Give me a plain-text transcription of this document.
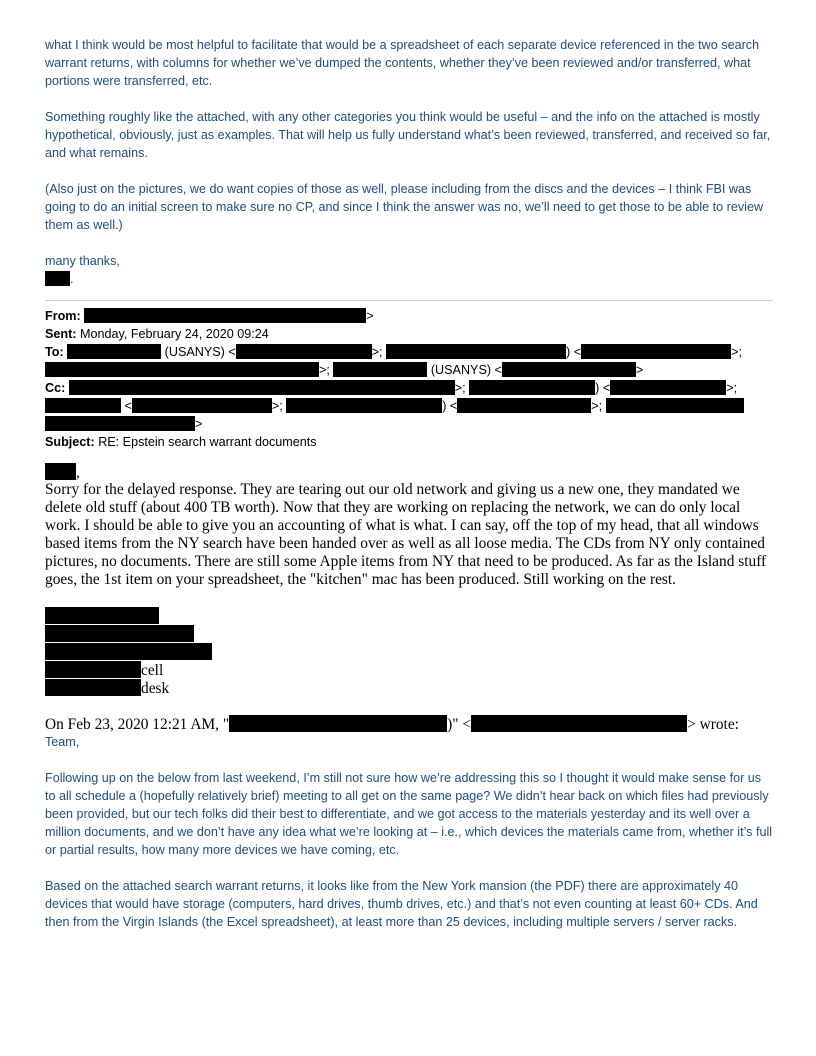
what I think would be most helpful to facilitate that would be a spreadsheet of each separate device referenced in the two search warrant returns, with columns for whether we’ve dumped the contents, whether they’ve been reviewed and/or transferred, what portions were transferred, etc.

Something roughly like the attached, with any other categories you think would be useful – and the info on the attached is mostly hypothetical, obviously, just as examples. That will help us fully understand what’s been reviewed, transferred, and received so far, and what remains.

(Also just on the pictures, we do want copies of those as well, please including from the discs and the devices – I think FBI was going to do an initial screen to make sure no CP, and since I think the answer was no, we’ll need to get those to be able to review them as well.)

many thanks,
.
From:	>
Sent: Monday, February 24, 2020 09:24
To:	(USANYS) <	>;	) <	>;
>;	(USANYS) <	>
Cc:	>;	) <	>;
<	>;	) <	>;
>
Subject: RE: Epstein search warrant documents
,
Sorry for the delayed response. They are tearing out our old network and giving us a new one, they mandated we delete old stuff (about 400 TB worth). Now that they are working on replacing the network, we can do only local work. I should be able to give you an accounting of what is what. I can say, off the top of my head, that all windows based items from the NY search have been handed over as well as all loose media. The CDs from NY only contained pictures, no documents. There are still some Apple items from NY that need to be produced. As far as the Island stuff goes, the 1st item on your spreadsheet, the "kitchen" mac has been produced. Still working on the rest.
cell
desk
On Feb 23, 2020 12:21 AM, "	)" <	> wrote:

Team,

Following up on the below from last weekend, I’m still not sure how we’re addressing this so I thought it would make sense for us to all schedule a (hopefully relatively brief) meeting to all get on the same page? We didn’t hear back on which files had previously been provided, but our tech folks did their best to differentiate, and we got access to the materials yesterday and its well over a million documents, and we don’t have any idea what we’re looking at – i.e., which devices the materials came from, whether it’s full or partial results, how many more devices we have coming, etc.

Based on the attached search warrant returns, it looks like from the New York mansion (the PDF) there are approximately 40 devices that would have storage (computers, hard drives, thumb drives, etc.) and that’s not even counting at least 60+ CDs. And then from the Virgin Islands (the Excel spreadsheet), at least more than 25 devices, including multiple servers / server racks.
